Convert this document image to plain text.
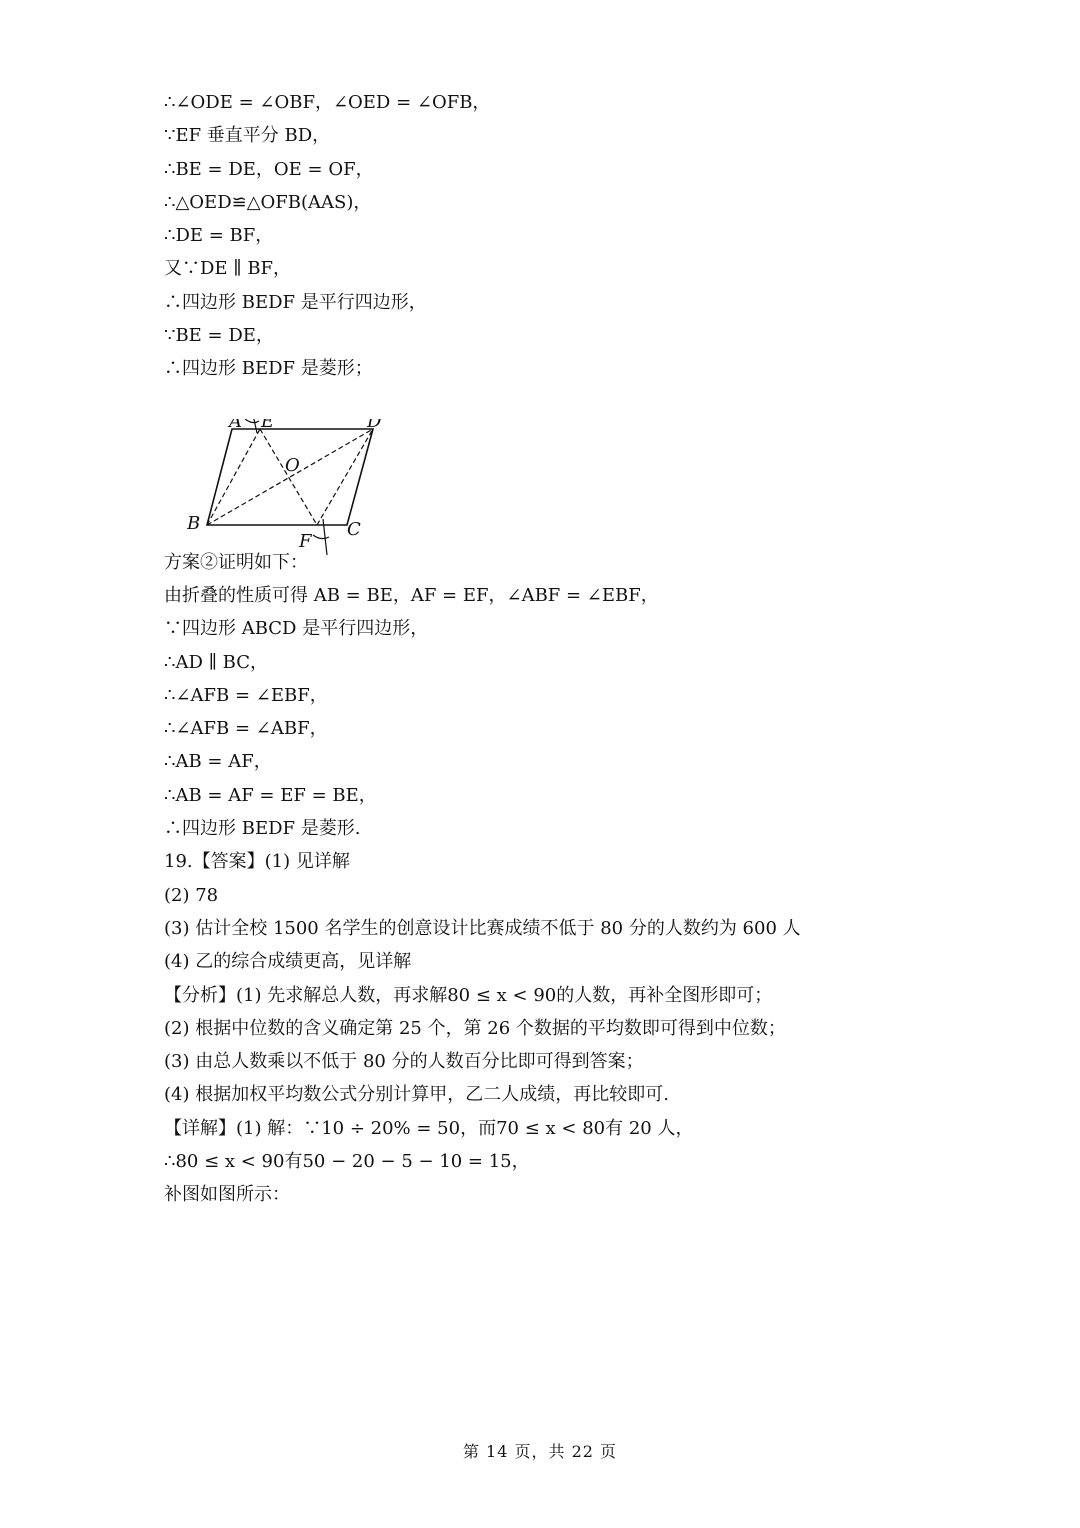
∴∠ODE = ∠OBF，∠OED = ∠OFB，
∵EF 垂直平分 BD，
∴BE = DE，OE = OF，
∴△OED≌△OFB(AAS)，
∴DE = BF，
又∵DE ∥ BF，
∴四边形 BEDF 是平行四边形，
∵BE = DE，
∴四边形 BEDF 是菱形；

A E	D
O
B
F
C

方案②证明如下：
由折叠的性质可得 AB = BE，AF = EF，∠ABF = ∠EBF，
∵四边形 ABCD 是平行四边形，
∴AD ∥ BC，
∴∠AFB = ∠EBF，
∴∠AFB = ∠ABF，
∴AB = AF，
∴AB = AF = EF = BE，
∴四边形 BEDF 是菱形.
19.【答案】(1) 见详解
(2) 78
(3) 估计全校 1500 名学生的创意设计比赛成绩不低于 80 分的人数约为 600 人
(4) 乙的综合成绩更高，见详解
【分析】(1) 先求解总人数，再求解80 ≤ x < 90的人数，再补全图形即可；
(2) 根据中位数的含义确定第 25 个，第 26 个数据的平均数即可得到中位数；
(3) 由总人数乘以不低于 80 分的人数百分比即可得到答案；
(4) 根据加权平均数公式分别计算甲，乙二人成绩，再比较即可.
【详解】(1) 解：∵10 ÷ 20% = 50，而70 ≤ x < 80有 20 人，
∴80 ≤ x < 90有50 − 20 − 5 − 10 = 15，
补图如图所示：
第 14 页，共 22 页
